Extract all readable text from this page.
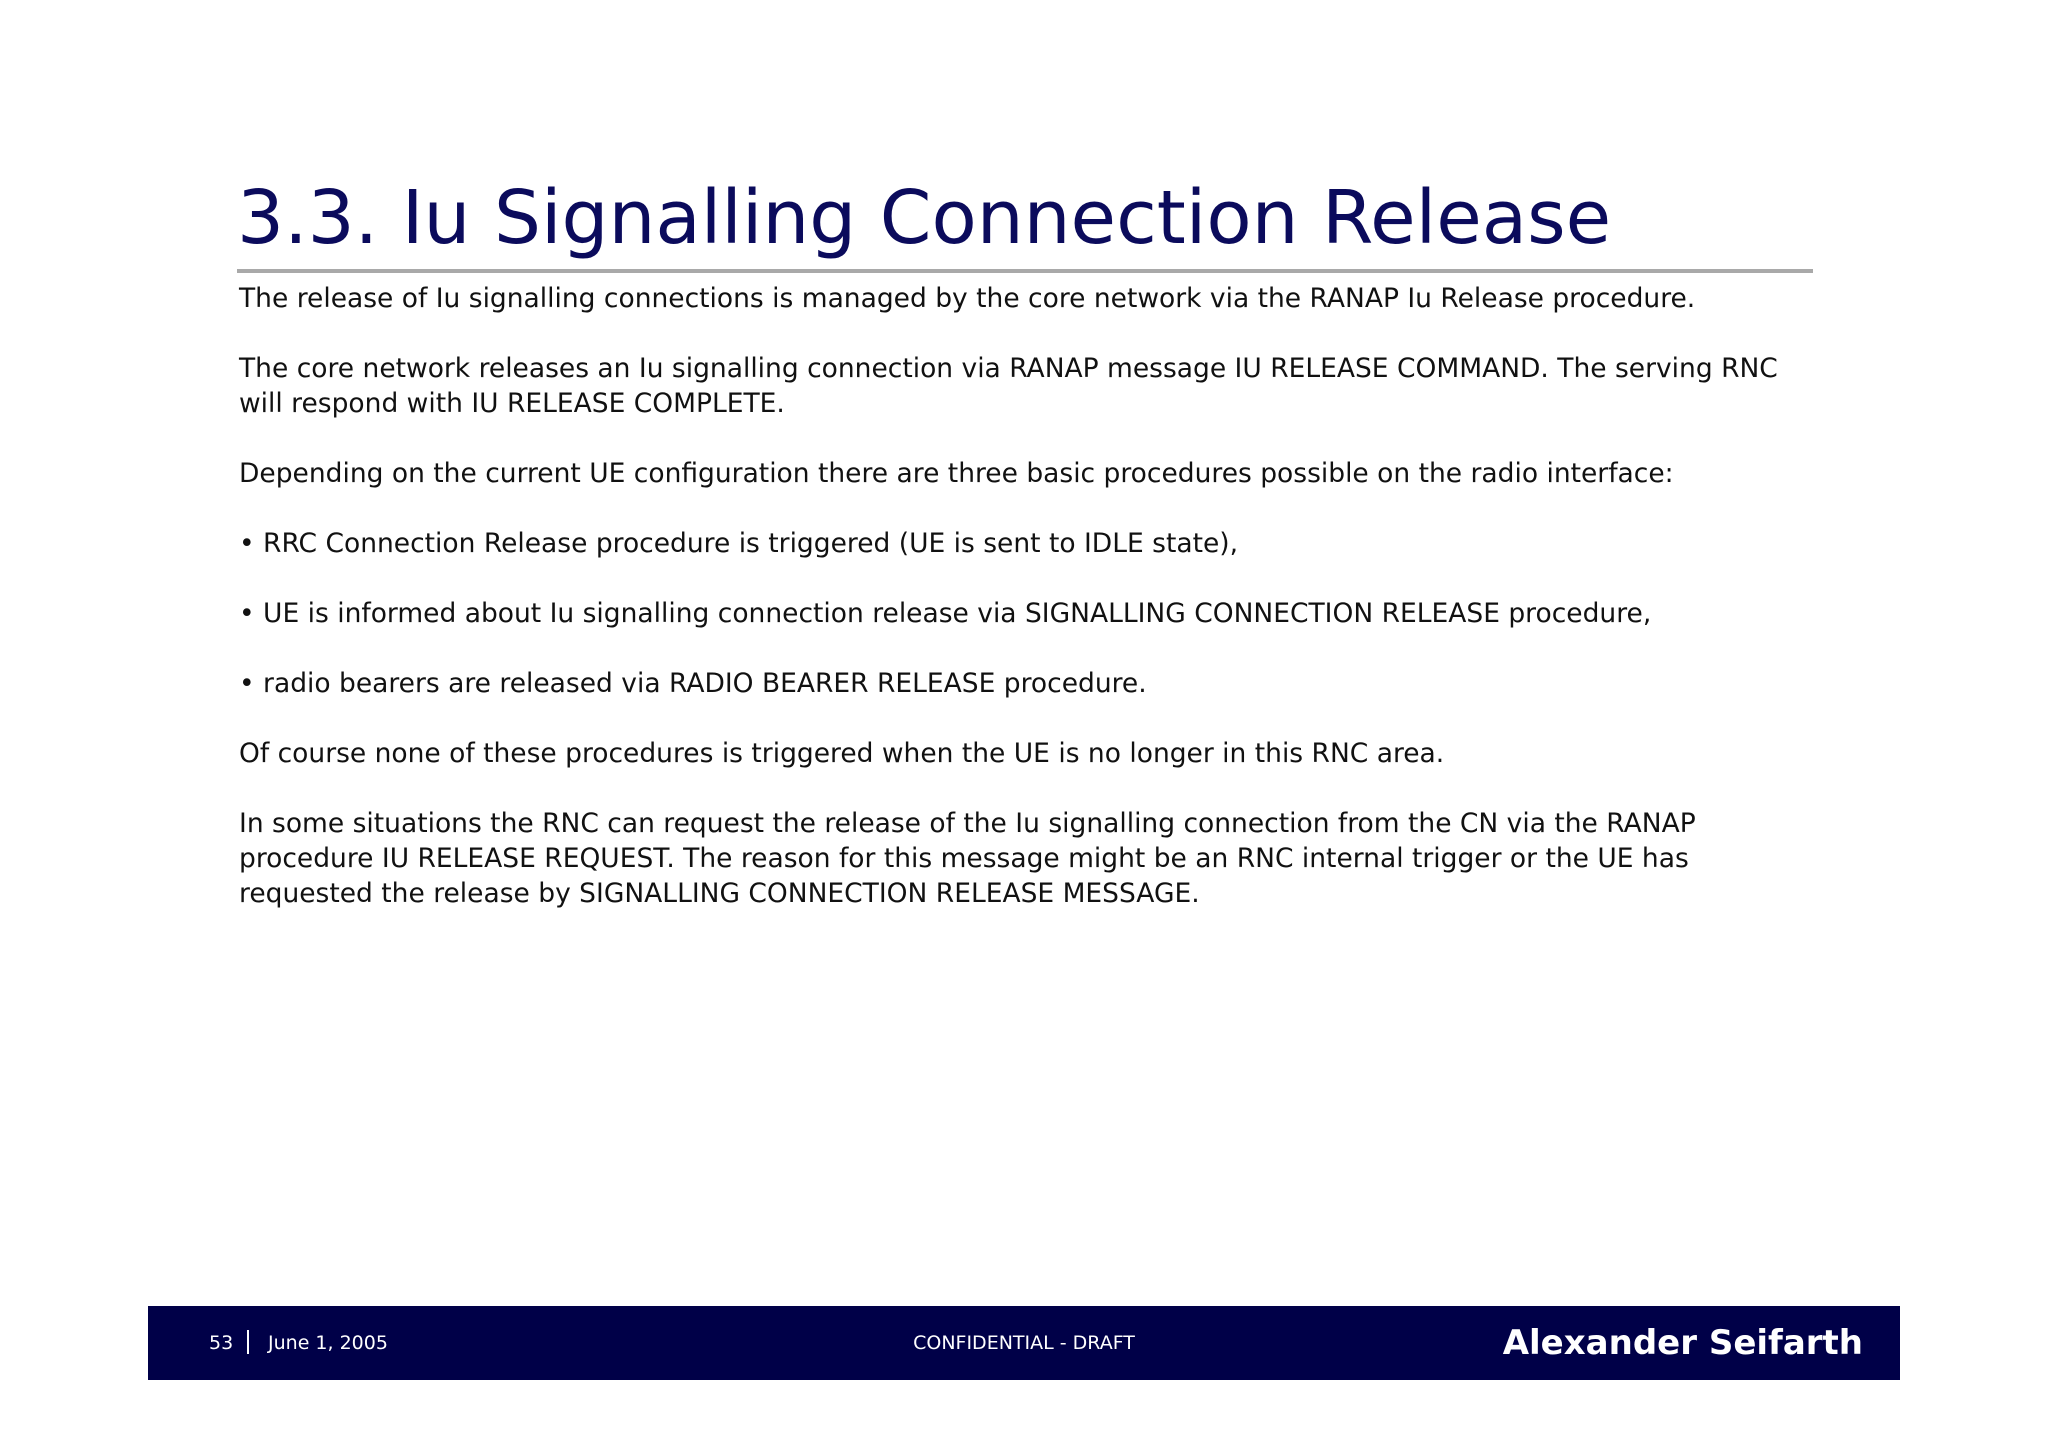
3.3. Iu Signalling Connection Release

The release of Iu signalling connections is managed by the core network via the RANAP Iu Release procedure.

The core network releases an Iu signalling connection via RANAP message IU RELEASE COMMAND. The serving RNC will respond with IU RELEASE COMPLETE.

Depending on the current UE configuration there are three basic procedures possible on the radio interface:

• RRC Connection Release procedure is triggered (UE is sent to IDLE state),

• UE is informed about Iu signalling connection release via SIGNALLING CONNECTION RELEASE procedure,

• radio bearers are released via RADIO BEARER RELEASE procedure.

Of course none of these procedures is triggered when the UE is no longer in this RNC area.

In some situations the RNC can request the release of the Iu signalling connection from the CN via the RANAP procedure IU RELEASE REQUEST. The reason for this message might be an RNC internal trigger or the UE has requested the release by SIGNALLING CONNECTION RELEASE MESSAGE.

53 June 1, 2005	CONFIDENTIAL - DRAFT	Alexander Seifarth
